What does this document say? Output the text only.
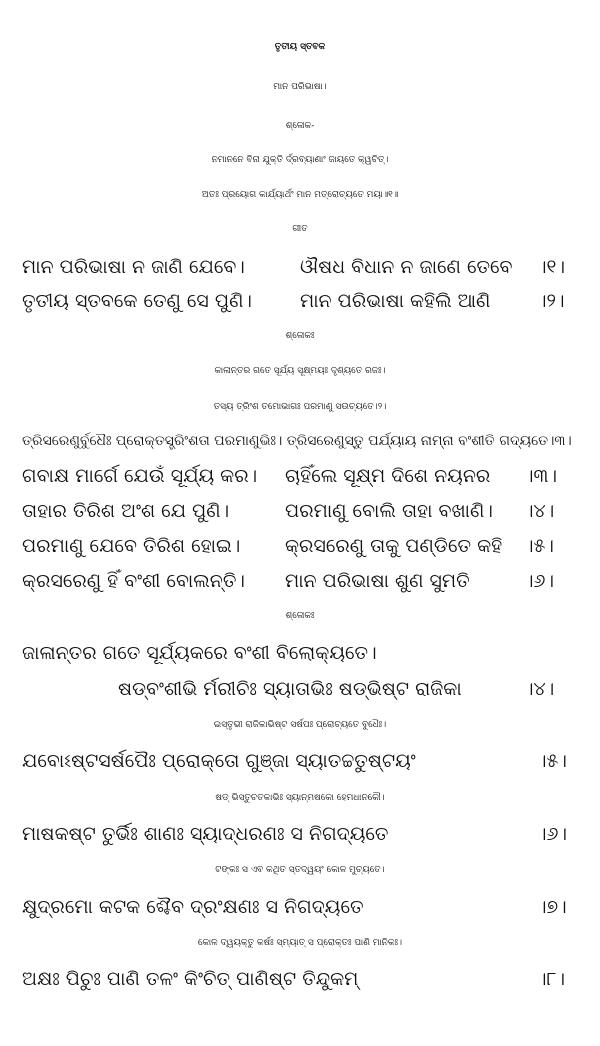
ତୃତୀୟ ସ୍ତବକ
ମାନ ପରିଭାଷା।
ଶ୍ଳୋକ-
ନମାନନେ ବିନା ଯୁକ୍ତି ର୍ଦ୍ରବ୍ୟାଣାଂ ଜାୟତେ କ୍ୱଚିତ୍।
ଅତଃ ପ୍ରୟୋଗ କାର୍ଯ୍ୟାର୍ଥଂ ମାନ ମତ୍ରୋଚ୍ୟତେ ମୟା॥୧॥
ଗୀତ
ମାନ ପରିଭାଷା ନ ଜାଣି ଯେବେ।	ଔଷଧ ବିଧାନ ନ ଜାଣେ ତେବେ ।୧।
ତୃତୀୟ ସ୍ତବକେ ତେଣୁ ସେ ପୁଣି।	ମାନ ପରିଭାଷା କହିଲି ଆଣି	।୨।
ଶ୍ଳୋକଃ
କାଳାନ୍ତର ଗତେ ସୂର୍ଯ୍ୟ ସୂକ୍ଷ୍ମୟଃ ଦୃଶ୍ୟତେ ରଜଃ।
ତସ୍ୟ ତ୍ରିଂଶ ତମୋଭାଗଃ ପରମାଣୁ ସଉଚ୍ୟତେ।୨।
ତ୍ରିସରେଣୁର୍ବୁଧୈଃ ପ୍ରୋକ୍ତସ୍ତ୍ରିଂଶତା ପରମାଣୁଭିଃ। ତ୍ରିସରେଣୁସ୍ତୁ ପର୍ଯ୍ୟାୟ ନାମ୍ନା ବଂଶୀତି ଗଦ୍ୟତେ।୩।
ଗବାକ୍ଷ ମାର୍ଗେ ଯେଉଁ ସୂର୍ଯ୍ୟ କର। ଚାହିଁଲେ ସୂକ୍ଷ୍ମ ଦିଶେ ନୟନର ।୩।
ତାହାର ତିରିଶ ଅଂଶ ଯେ ପୁଣି।	ପରମାଣୁ ବୋଲି ତାହା ବଖାଣି। ।୪।
ପରମାଣୁ ଯେବେ ତିରିଶ ହୋଇ। କ୍ରସରେଣୁ ତାକୁ ପଣ୍ଡିତେ କହି ।୫।
କ୍ରସରେଣୁ ହିଁ ବଂଶୀ ବୋଲନ୍ତି। ମାନ ପରିଭାଷା ଶୁଣ ସୁମତି	।୬।
ଶ୍ଳୋକଃ
ଜାଳାନ୍ତର ଗତେ ସୂର୍ଯ୍ୟକରେ ବଂଶୀ ବିଲୋକ୍ୟତେ।
ଷଡ୍ବଂଶୀଭି ର୍ମରୀଚିଃ ସ୍ୟାତାଭିଃ ଷଡ୍ଭିଷ୍ଟ ରାଜିକା	।୪।
ଇସ୍ତୃଭୀ ରାଜିକାଭିଷ୍ଟ ସର୍ଷପଃ ପ୍ରୋଚ୍ୟତେ ବୁଧୈଃ।
ଯବୋଽଷ୍ଟସର୍ଷପୈଃ ପ୍ରୋକ୍ତୋ ଗୁଞ୍ଜା ସ୍ୟାତଚ୍ଚତୁଷ୍ଟୟଂ	।୫।
ଷଡ୍ ଭିସ୍ତୁଚତକାଭିଃ ସ୍ୟାନ୍ମଷକୋ ହେମଧାନକୌ।
ମାଷକଷ୍ଟ ତୁର୍ଭିଃ ଶାଣଃ ସ୍ୟାଦ୍ଧରଣଃ ସ ନିଗଦ୍ୟତେ	।୬।
ଟଙ୍କଃ ସ ଏବ କଥିତ ସ୍ତଦ୍ୱୟଂ କୋଳ ମୁଚ୍ୟତେ।
କ୍ଷୁଦ୍ରମୋ କଟକ ଶ୍ଚୈବ ଦ୍ରଂକ୍ଷଣଃ ସ ନିଗଦ୍ୟତେ	।୭।
କୋଳ ଦ୍ୱୟକ୍ତୁ କର୍ଷଃ ସ୍ମ୍ୟାତ୍ ସ ପ୍ରୋକ୍ତଃ ପାଣି ମାନିକଃ।
ଅକ୍ଷଃ ପିଚୁଃ ପାଣି ତଳଂ କିଂଚିତ୍ ପାଣିଷ୍ଟ ତିନ୍ଦୁକମ୍	।୮।
